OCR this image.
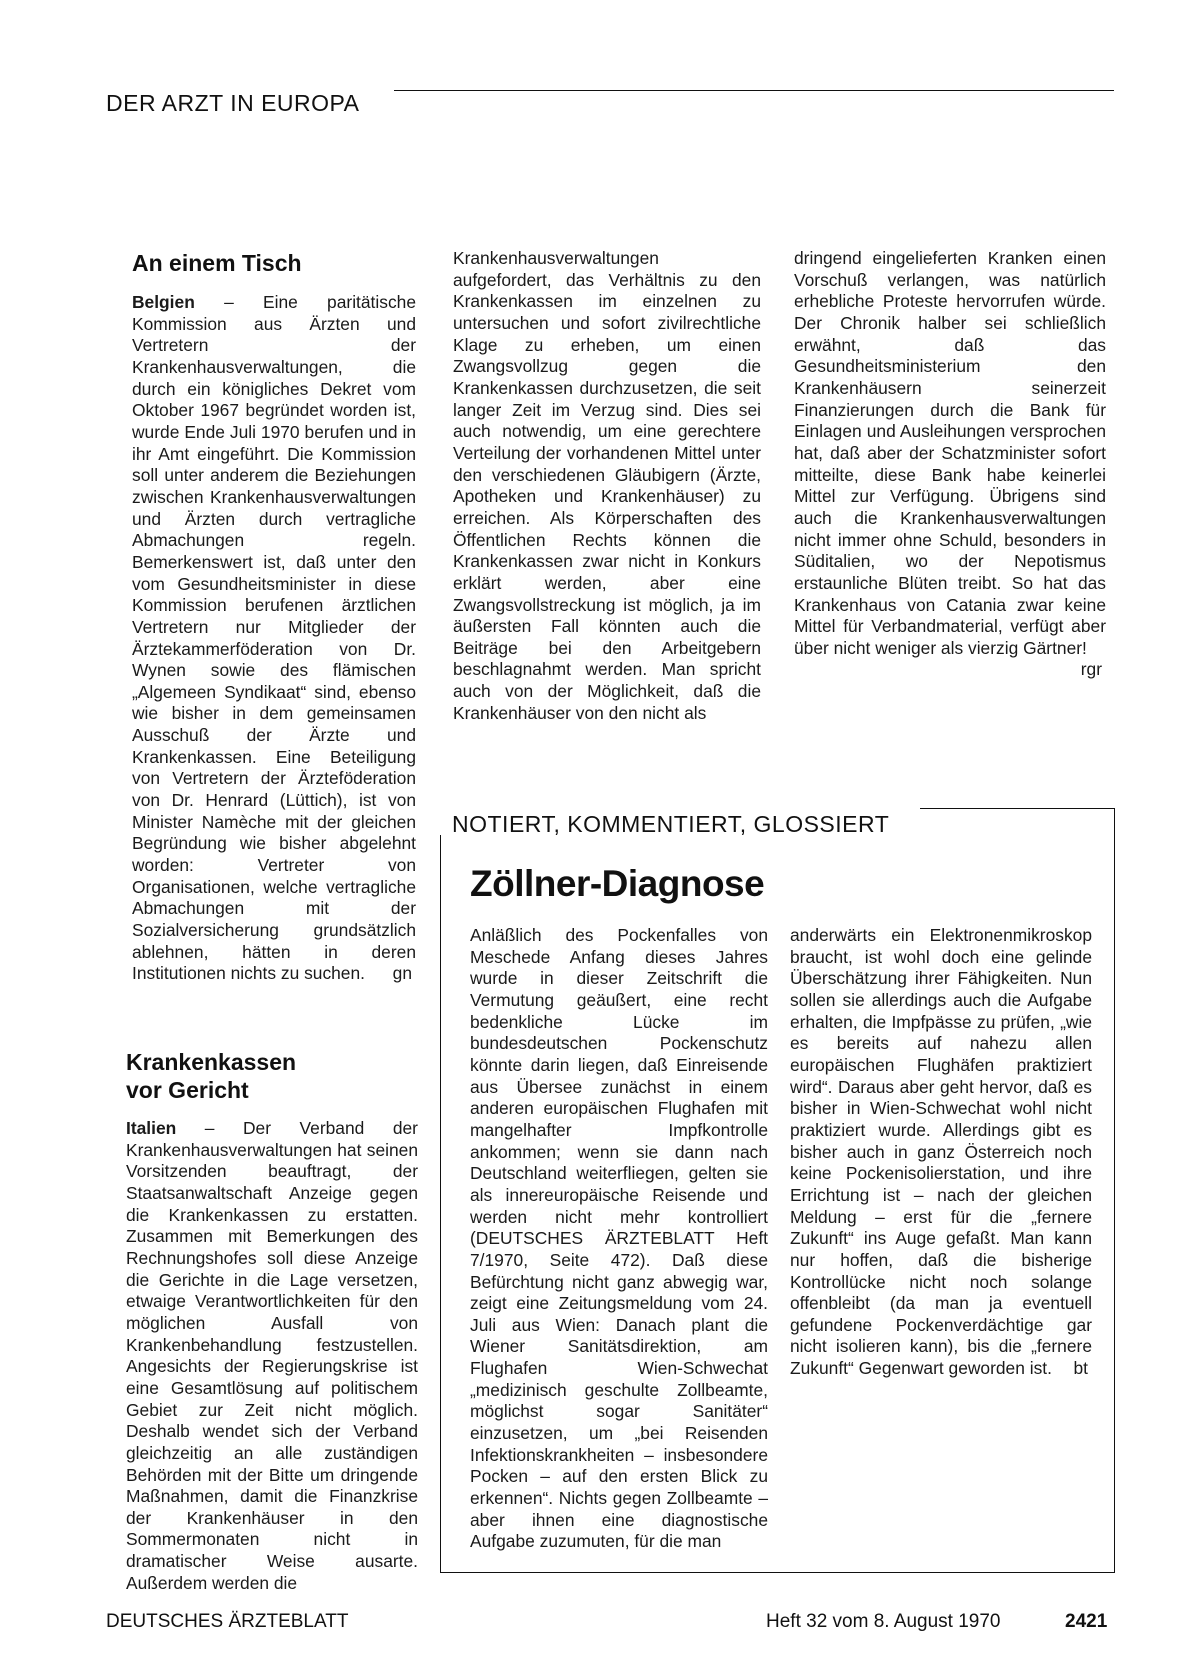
DER ARZT IN EUROPA
An einem Tisch

Belgien – Eine paritätische Kommission aus Ärzten und Vertretern der Krankenhausverwaltungen, die durch ein königliches Dekret vom Oktober 1967 begründet worden ist, wurde Ende Juli 1970 berufen und in ihr Amt eingeführt. Die Kommission soll unter anderem die Beziehungen zwischen Krankenhausverwaltungen und Ärzten durch vertragliche Abmachungen regeln. Bemerkenswert ist, daß unter den vom Gesundheitsminister in diese Kommission berufenen ärztlichen Vertretern nur Mitglieder der Ärztekammerföderation von Dr. Wynen sowie des flämischen „Algemeen Syndikaat“ sind, ebenso wie bisher in dem gemeinsamen Ausschuß der Ärzte und Krankenkassen. Eine Beteiligung von Vertretern der Ärzteföderation von Dr. Henrard (Lüttich), ist von Minister Namèche mit der gleichen Begründung wie bisher abgelehnt worden: Vertreter von Organisationen, welche vertragliche Abmachungen mit der Sozialversicherung grundsätzlich ablehnen, hätten in deren Institutionen nichts zu suchen. gn

Krankenkassen
vor Gericht

Italien – Der Verband der Krankenhausverwaltungen hat seinen Vorsitzenden beauftragt, der Staatsanwaltschaft Anzeige gegen die Krankenkassen zu erstatten. Zusammen mit Bemerkungen des Rechnungshofes soll diese Anzeige die Gerichte in die Lage versetzen, etwaige Verantwortlichkeiten für den möglichen Ausfall von Krankenbehandlung festzustellen. Angesichts der Regierungskrise ist eine Gesamtlösung auf politischem Gebiet zur Zeit nicht möglich. Deshalb wendet sich der Verband gleichzeitig an alle zuständigen Behörden mit der Bitte um dringende Maßnahmen, damit die Finanzkrise der Krankenhäuser in den Sommermonaten nicht in dramatischer Weise ausarte. Außerdem werden die

Krankenhausverwaltungen aufgefordert, das Verhältnis zu den Krankenkassen im einzelnen zu untersuchen und sofort zivilrechtliche Klage zu erheben, um einen Zwangsvollzug gegen die Krankenkassen durchzusetzen, die seit langer Zeit im Verzug sind. Dies sei auch notwendig, um eine gerechtere Verteilung der vorhandenen Mittel unter den verschiedenen Gläubigern (Ärzte, Apotheken und Krankenhäuser) zu erreichen. Als Körperschaften des Öffentlichen Rechts können die Krankenkassen zwar nicht in Konkurs erklärt werden, aber eine Zwangsvollstreckung ist möglich, ja im äußersten Fall könnten auch die Beiträge bei den Arbeitgebern beschlagnahmt werden. Man spricht auch von der Möglichkeit, daß die Krankenhäuser von den nicht als

dringend eingelieferten Kranken einen Vorschuß verlangen, was natürlich erhebliche Proteste hervorrufen würde. Der Chronik halber sei schließlich erwähnt, daß das Gesundheitsministerium den Krankenhäusern seinerzeit Finanzierungen durch die Bank für Einlagen und Ausleihungen versprochen hat, daß aber der Schatzminister sofort mitteilte, diese Bank habe keinerlei Mittel zur Verfügung. Übrigens sind auch die Krankenhausverwaltungen nicht immer ohne Schuld, besonders in Süditalien, wo der Nepotismus erstaunliche Blüten treibt. So hat das Krankenhaus von Catania zwar keine Mittel für Verbandmaterial, verfügt aber über nicht weniger als vierzig Gärtner!
rgr

NOTIERT, KOMMENTIERT, GLOSSIERT
Zöllner-Diagnose

Anläßlich des Pockenfalles von Meschede Anfang dieses Jahres wurde in dieser Zeitschrift die Vermutung geäußert, eine recht bedenkliche Lücke im bundesdeutschen Pockenschutz könnte darin liegen, daß Einreisende aus Übersee zunächst in einem anderen europäischen Flughafen mit mangelhafter Impfkontrolle ankommen; wenn sie dann nach Deutschland weiterfliegen, gelten sie als innereuropäische Reisende und werden nicht mehr kontrolliert (DEUTSCHES ÄRZTEBLATT Heft 7/1970, Seite 472). Daß diese Befürchtung nicht ganz abwegig war, zeigt eine Zeitungsmeldung vom 24. Juli aus Wien: Danach plant die Wiener Sanitätsdirektion, am Flughafen Wien-Schwechat „medizinisch geschulte Zollbeamte, möglichst sogar Sanitäter“ einzusetzen, um „bei Reisenden Infektionskrankheiten – insbesondere Pocken – auf den ersten Blick zu erkennen“. Nichts gegen Zollbeamte – aber ihnen eine diagnostische Aufgabe zuzumuten, für die man

anderwärts ein Elektronenmikroskop braucht, ist wohl doch eine gelinde Überschätzung ihrer Fähigkeiten. Nun sollen sie allerdings auch die Aufgabe erhalten, die Impfpässe zu prüfen, „wie es bereits auf nahezu allen europäischen Flughäfen praktiziert wird“. Daraus aber geht hervor, daß es bisher in Wien-Schwechat wohl nicht praktiziert wurde. Allerdings gibt es bisher auch in ganz Österreich noch keine Pockenisolierstation, und ihre Errichtung ist – nach der gleichen Meldung – erst für die „fernere Zukunft“ ins Auge gefaßt. Man kann nur hoffen, daß die bisherige Kontrollücke nicht noch solange offenbleibt (da man ja eventuell gefundene Pockenverdächtige gar nicht isolieren kann), bis die „fernere Zukunft“ Gegenwart geworden ist. bt

DEUTSCHES ÄRZTEBLATT	Heft 32 vom 8. August 1970	2421
